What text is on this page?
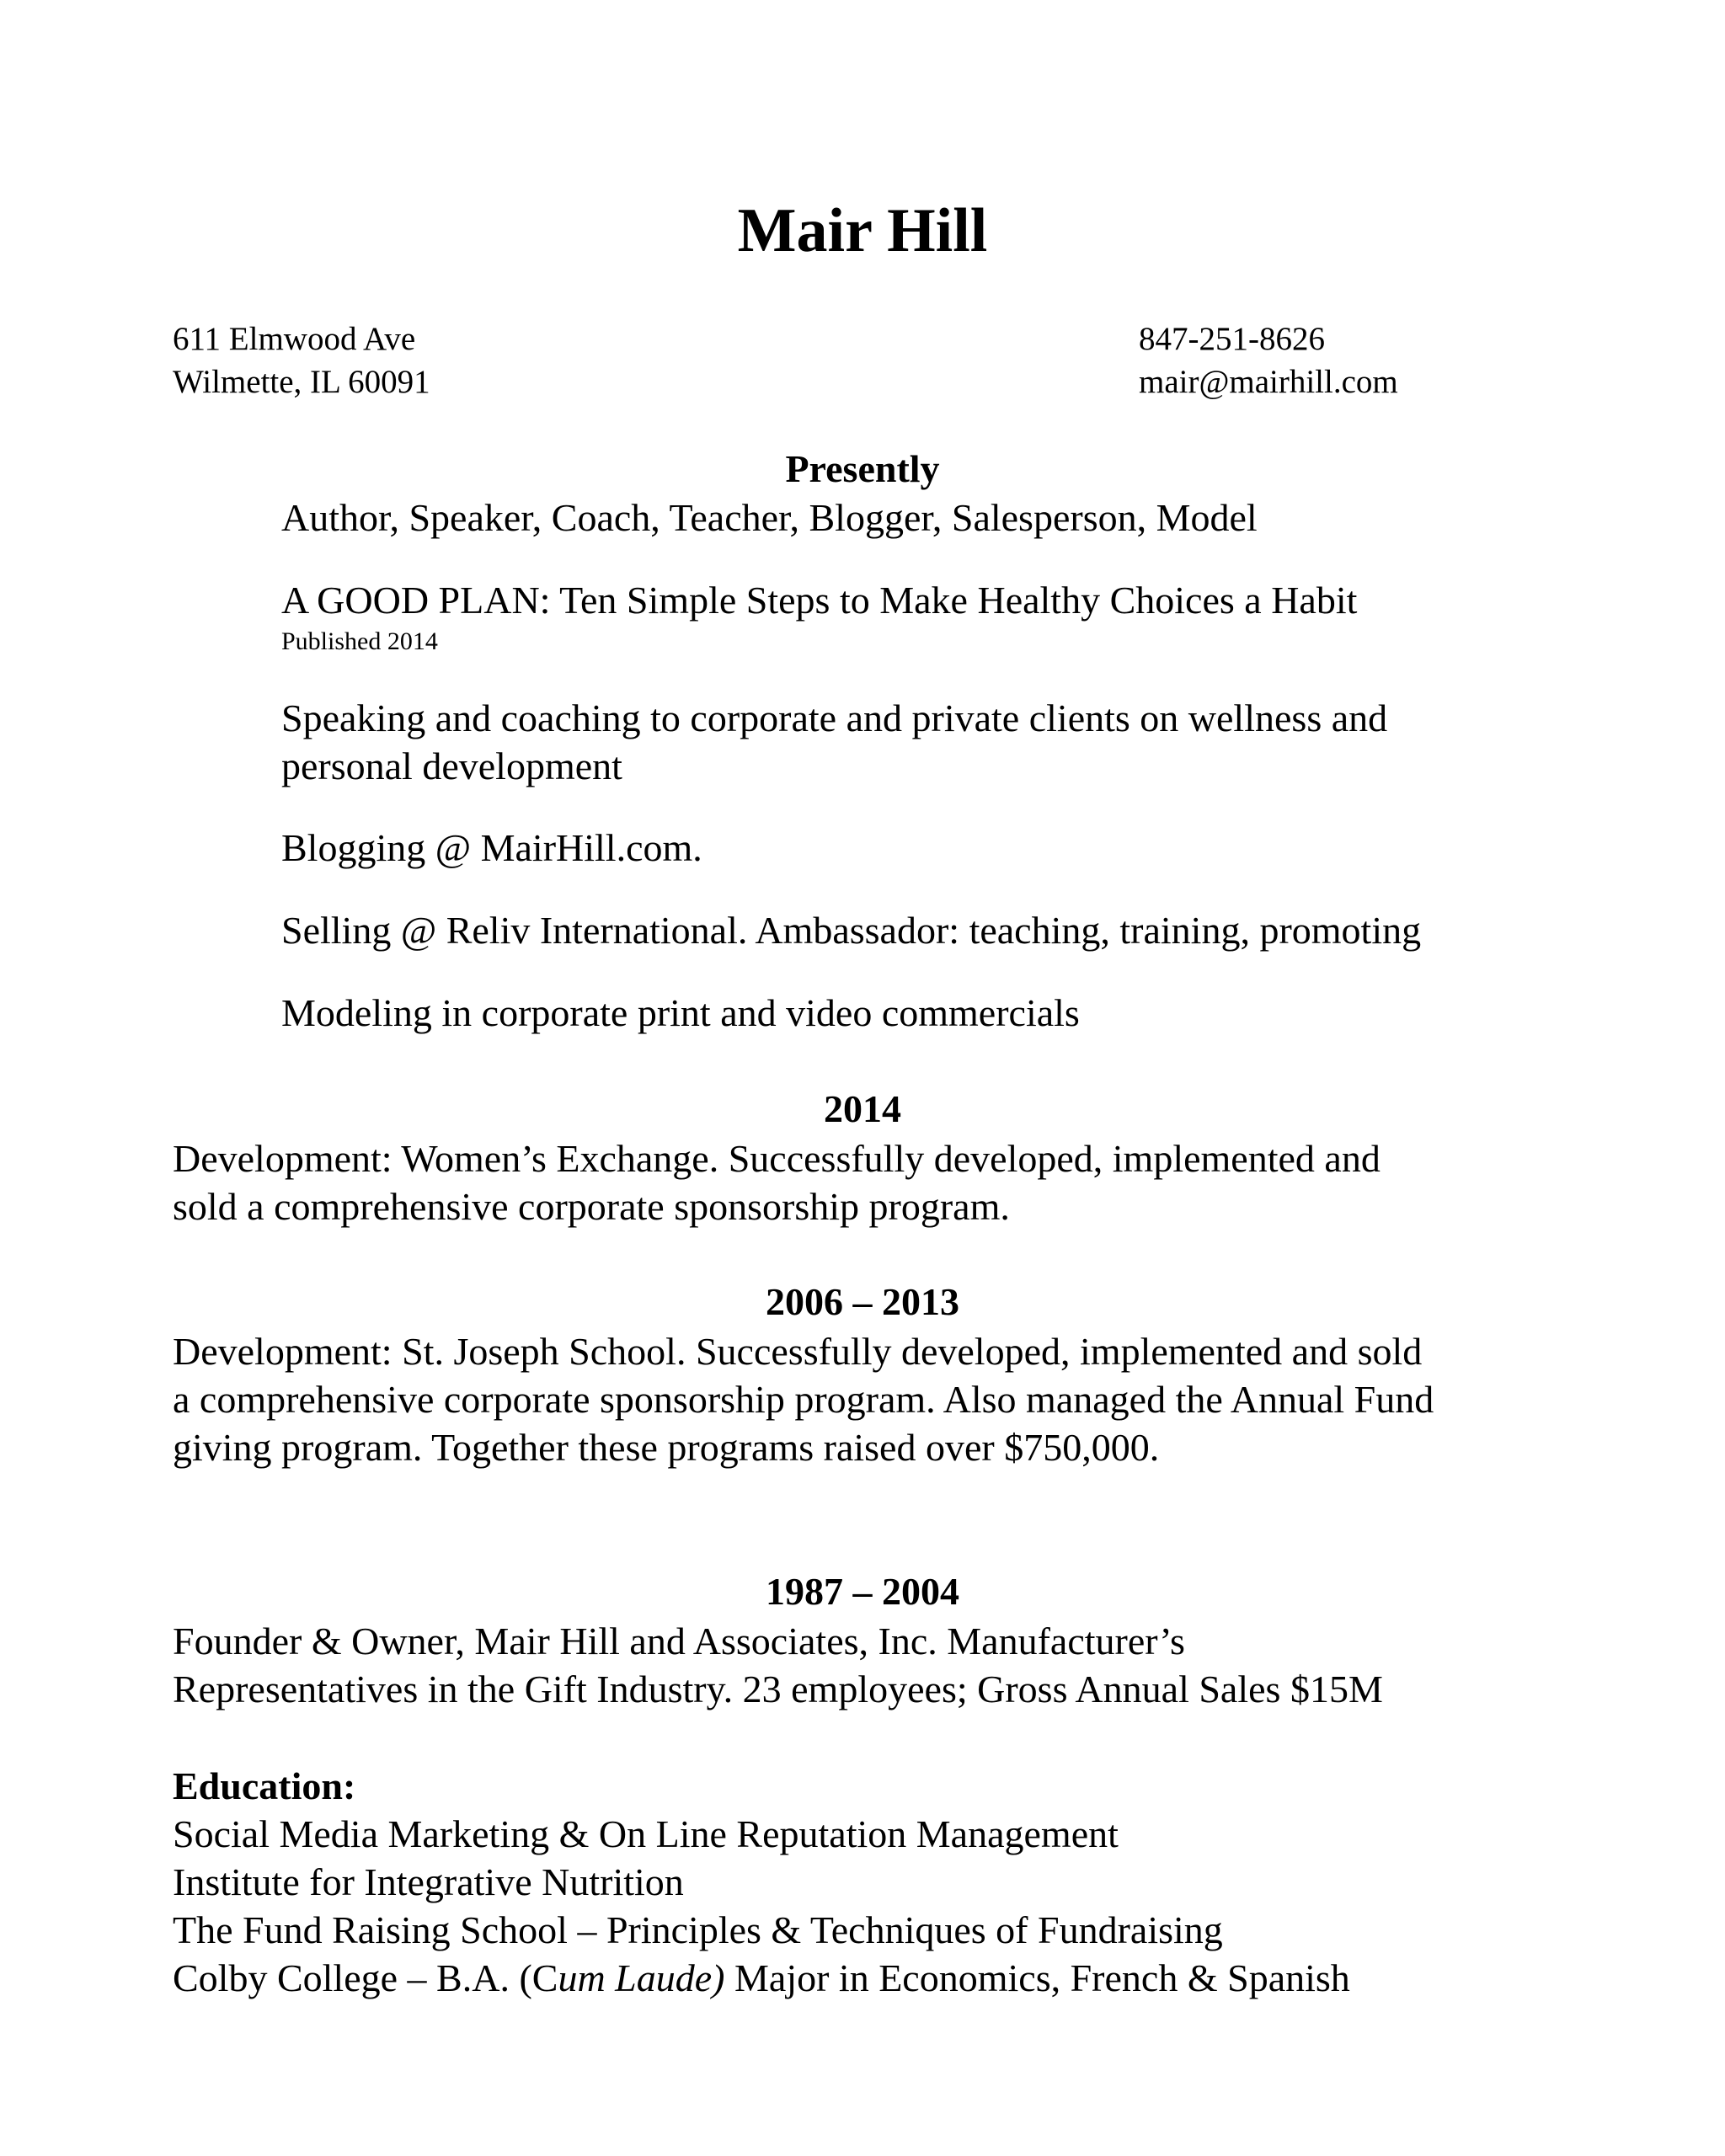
Mair Hill
611 Elmwood Ave
Wilmette, IL 60091
847-251-8626
mair@mairhill.com
Presently
Author, Speaker, Coach, Teacher, Blogger, Salesperson, Model
A GOOD PLAN: Ten Simple Steps to Make Healthy Choices a Habit
Published 2014
Speaking and coaching to corporate and private clients on wellness and
personal development
Blogging @ MairHill.com.
Selling @ Reliv International. Ambassador: teaching, training, promoting
Modeling in corporate print and video commercials
2014
Development: Women’s Exchange. Successfully developed, implemented and
sold a comprehensive corporate sponsorship program.
2006 – 2013
Development: St. Joseph School. Successfully developed, implemented and sold
a comprehensive corporate sponsorship program. Also managed the Annual Fund
giving program. Together these programs raised over $750,000.
1987 – 2004
Founder & Owner, Mair Hill and Associates, Inc. Manufacturer’s
Representatives in the Gift Industry. 23 employees; Gross Annual Sales $15M
Education:
Social Media Marketing & On Line Reputation Management
Institute for Integrative Nutrition
The Fund Raising School – Principles & Techniques of Fundraising
Colby College – B.A. (Cum Laude) Major in Economics, French & Spanish
